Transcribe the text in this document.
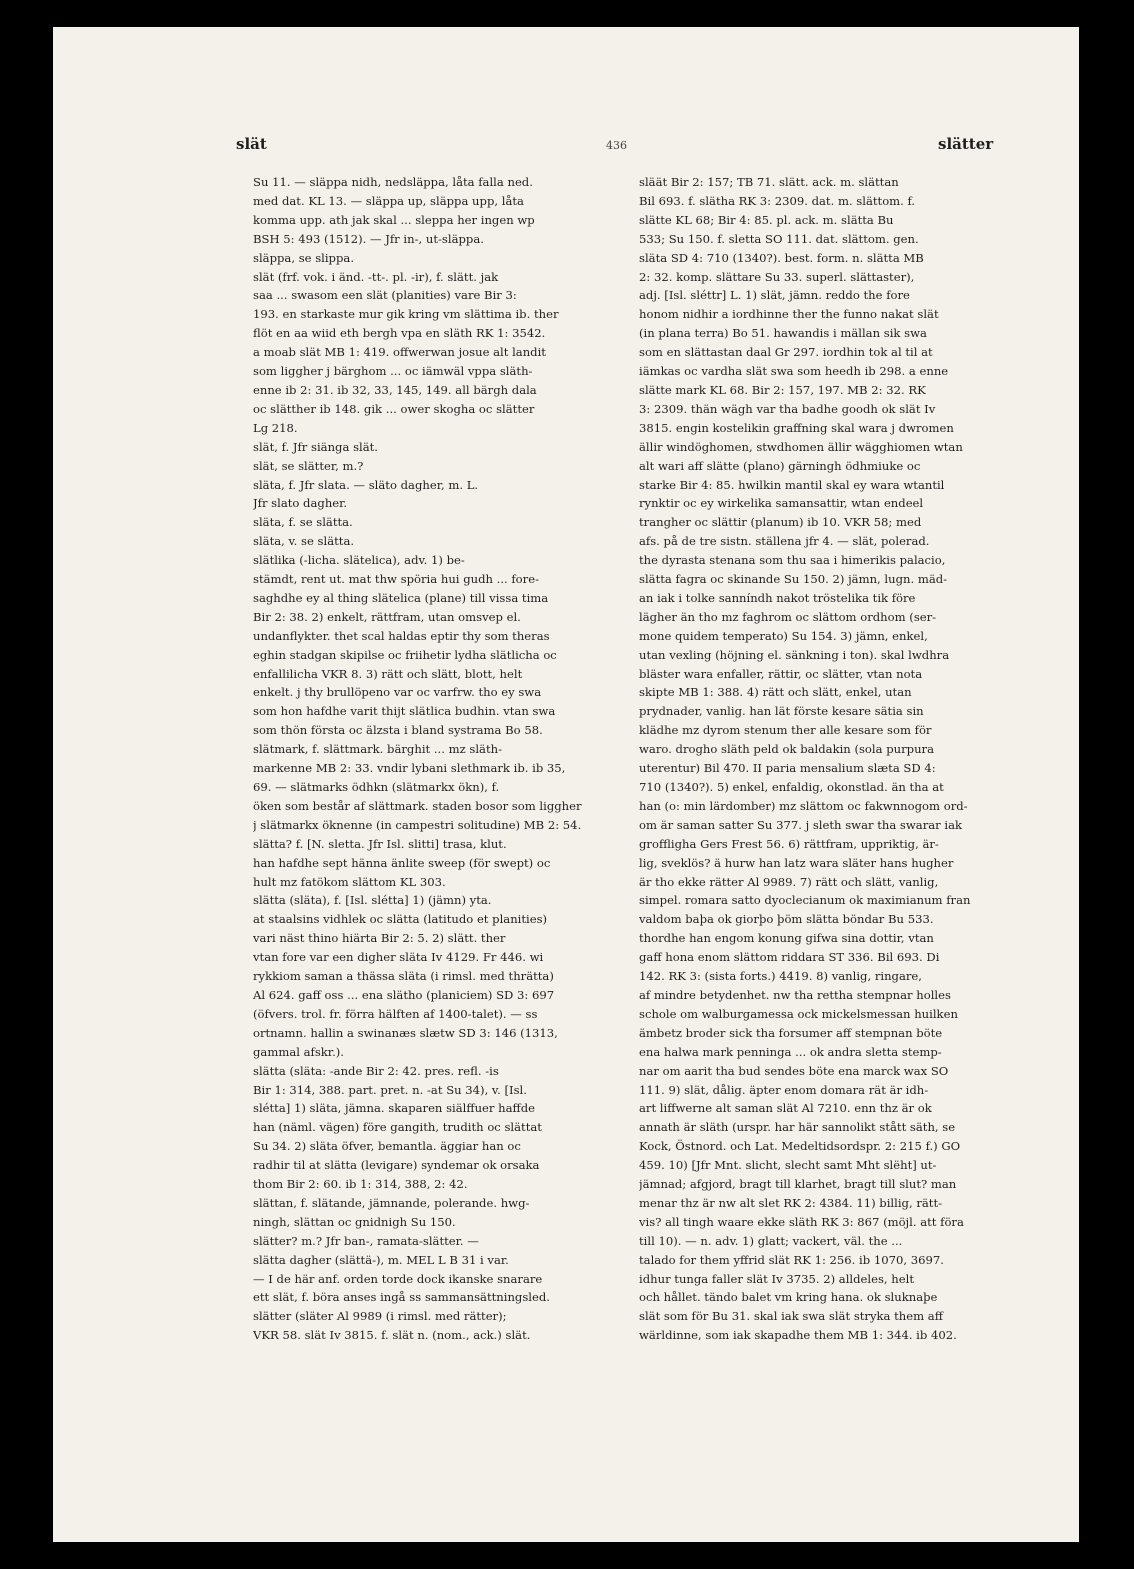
slät	436	slätter
Su 11. — släppa nidh, nedsläppa, låta falla ned.
med dat. KL 13. — släppa up, släppa upp, låta
komma upp. ath jak skal ... sleppa her ingen wp
BSH 5: 493 (1512). — Jfr in-, ut-släppa.
släppa, se slippa.
slät (frf. vok. i änd. -tt-. pl. -ir), f. slätt. jak
saa ... swasom een slät (planities) vare Bir 3:
193. en starkaste mur gik kring vm slättima ib. ther
flöt en aa wiid eth bergh vpa en släth RK 1: 3542.
a moab slät MB 1: 419. offwerwan josue alt landit
som liggher j bärghom ... oc iämwäl vppa släth-
enne ib 2: 31. ib 32, 33, 145, 149. all bärgh dala
oc slätther ib 148. gik ... ower skogha oc slätter
Lg 218.
slät, f. Jfr siänga slät.
slät, se slätter, m.?
släta, f. Jfr slata. — släto dagher, m. L.
Jfr slato dagher.
släta, f. se slätta.
släta, v. se slätta.
slätlika (-licha. slätelica), adv. 1) be-
stämdt, rent ut. mat thw spöria hui gudh ... fore-
saghdhe ey al thing slätelica (plane) till vissa tima
Bir 2: 38. 2) enkelt, rättfram, utan omsvep el.
undanflykter. thet scal haldas eptir thy som theras
eghin stadgan skipilse oc friihetir lydha slätlicha oc
enfallilicha VKR 8. 3) rätt och slätt, blott, helt
enkelt. j thy brullöpeno var oc varfrw. tho ey swa
som hon hafdhe varit thijt slätlica budhin. vtan swa
som thön första oc älzsta i bland systrama Bo 58.
slätmark, f. slättmark. bärghit ... mz släth-
markenne MB 2: 33. vndir lybani slethmark ib. ib 35,
69. — slätmarks ödhkn (slätmarkx ökn), f.
öken som består af slättmark. staden bosor som liggher
j slätmarkx öknenne (in campestri solitudine) MB 2: 54.
slätta? f. [N. sletta. Jfr Isl. slitti] trasa, klut.
han hafdhe sept hänna änlite sweep (för swept) oc
hult mz fatökom slättom KL 303.
slätta (släta), f. [Isl. slétta] 1) (jämn) yta.
at staalsins vidhlek oc slätta (latitudo et planities)
vari näst thino hiärta Bir 2: 5. 2) slätt. ther
vtan fore var een digher släta Iv 4129. Fr 446. wi
rykkiom saman a thässa släta (i rimsl. med thrätta)
Al 624. gaff oss ... ena slätho (planiciem) SD 3: 697
(öfvers. trol. fr. förra hälften af 1400-talet). — ss
ortnamn. hallin a swinanæs slætw SD 3: 146 (1313,
gammal afskr.).
slätta (släta: -ande Bir 2: 42. pres. refl. -is
Bir 1: 314, 388. part. pret. n. -at Su 34), v. [Isl.
slétta] 1) släta, jämna. skaparen siälffuer haffde
han (näml. vägen) före gangith, trudith oc slättat
Su 34. 2) släta öfver, bemantla. äggiar han oc
radhir til at slätta (levigare) syndemar ok orsaka
thom Bir 2: 60. ib 1: 314, 388, 2: 42.
slättan, f. slätande, jämnande, polerande. hwg-
ningh, slättan oc gnidnigh Su 150.
slätter? m.? Jfr ban-, ramata-slätter. —
slätta dagher (slättä-), m. MEL L B 31 i var.
— I de här anf. orden torde dock ikanske snarare
ett slät, f. böra anses ingå ss sammansättningsled.
slätter (släter Al 9989 (i rimsl. med rätter);
VKR 58. slät Iv 3815. f. slät n. (nom., ack.) slät.
släät Bir 2: 157; TB 71. slätt. ack. m. slättan
Bil 693. f. slätha RK 3: 2309. dat. m. slättom. f.
slätte KL 68; Bir 4: 85. pl. ack. m. slätta Bu
533; Su 150. f. sletta SO 111. dat. slättom. gen.
släta SD 4: 710 (1340?). best. form. n. slätta MB
2: 32. komp. slättare Su 33. superl. slättaster),
adj. [Isl. sléttr] L. 1) slät, jämn. reddo the fore
honom nidhir a iordhinne ther the funno nakat slät
(in plana terra) Bo 51. hawandis i mällan sik swa
som en slättastan daal Gr 297. iordhin tok al til at
iämkas oc vardha slät swa som heedh ib 298. a enne
slätte mark KL 68. Bir 2: 157, 197. MB 2: 32. RK
3: 2309. thän wägh var tha badhe goodh ok slät Iv
3815. engin kostelikin graffning skal wara j dwromen
ällir windöghomen, stwdhomen ällir wägghiomen wtan
alt wari aff slätte (plano) gärningh ödhmiuke oc
starke Bir 4: 85. hwilkin mantil skal ey wara wtantil
rynktir oc ey wirkelika samansattir, wtan endeel
trangher oc slättir (planum) ib 10. VKR 58; med
afs. på de tre sistn. ställena jfr 4. — slät, polerad.
the dyrasta stenana som thu saa i himerikis palacio,
slätta fagra oc skinande Su 150. 2) jämn, lugn. mäd-
an iak i tolke sanníndh nakot tröstelika tik före
lägher än tho mz faghrom oc slättom ordhom (ser-
mone quidem temperato) Su 154. 3) jämn, enkel,
utan vexling (höjning el. sänkning i ton). skal lwdhra
bläster wara enfaller, rättir, oc slätter, vtan nota
skipte MB 1: 388. 4) rätt och slätt, enkel, utan
prydnader, vanlig. han lät förste kesare sätia sin
klädhe mz dyrom stenum ther alle kesare som för
waro. drogho släth peld ok baldakin (sola purpura
uterentur) Bil 470. II paria mensalium slæta SD 4:
710 (1340?). 5) enkel, enfaldig, okonstlad. än tha at
han (o: min lärdomber) mz slättom oc fakwnnogom ord-
om är saman satter Su 377. j sleth swar tha swarar iak
groffligha Gers Frest 56. 6) rättfram, uppriktig, är-
lig, sveklös? ä hurw han latz wara släter hans hugher
är tho ekke rätter Al 9989. 7) rätt och slätt, vanlig,
simpel. romara satto dyoclecianum ok maximianum fran
valdom baþa ok giorþo þöm slätta böndar Bu 533.
thordhe han engom konung gifwa sina dottir, vtan
gaff hona enom slättom riddara ST 336. Bil 693. Di
142. RK 3: (sista forts.) 4419. 8) vanlig, ringare,
af mindre betydenhet. nw tha rettha stempnar holles
schole om walburgamessa ock mickelsmessan huilken
ämbetz broder sick tha forsumer aff stempnan böte
ena halwa mark penninga ... ok andra sletta stemp-
nar om aarit tha bud sendes böte ena marck wax SO
111. 9) slät, dålig. äpter enom domara rät är idh-
art liffwerne alt saman slät Al 7210. enn thz är ok
annath är släth (urspr. har här sannolikt stått säth, se
Kock, Östnord. och Lat. Medeltidsordspr. 2: 215 f.) GO
459. 10) [Jfr Mnt. slicht, slecht samt Mht slëht] ut-
jämnad; afgjord, bragt till klarhet, bragt till slut? man
menar thz är nw alt slet RK 2: 4384. 11) billig, rätt-
vis? all tingh waare ekke släth RK 3: 867 (möjl. att föra
till 10). — n. adv. 1) glatt; vackert, väl. the ...
talado for them yffrid slät RK 1: 256. ib 1070, 3697.
idhur tunga faller slät Iv 3735. 2) alldeles, helt
och hållet. tändo balet vm kring hana. ok sluknaþe
slät som för Bu 31. skal iak swa slät stryka them aff
wärldinne, som iak skapadhe them MB 1: 344. ib 402.
